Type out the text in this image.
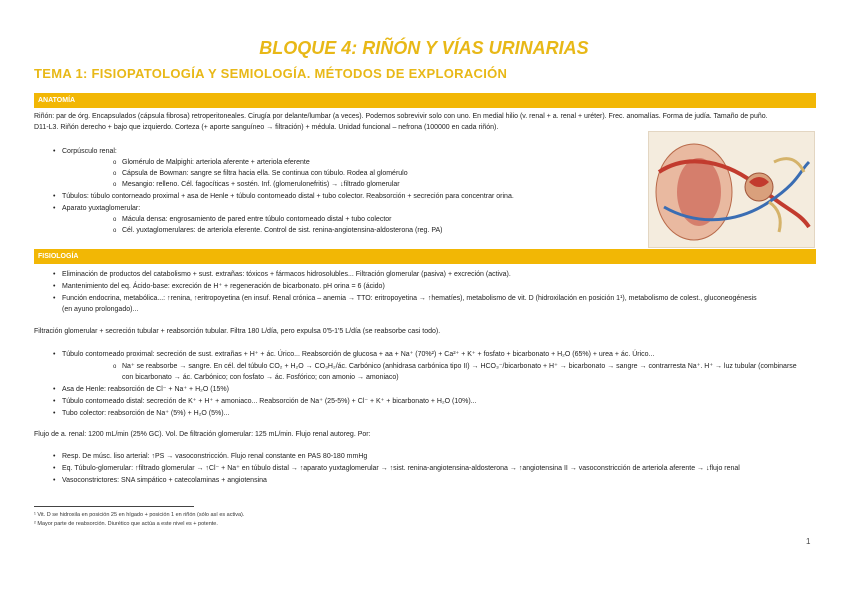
BLOQUE 4: RIÑÓN Y VÍAS URINARIAS
TEMA 1: FISIOPATOLOGÍA Y SEMIOLOGÍA. MÉTODOS DE EXPLORACIÓN
ANATOMÍA
Riñón: par de órg. Encapsulados (cápsula fibrosa) retroperitoneales. Cirugía por delante/lumbar (a veces). Podemos sobrevivir solo con uno. En medial hilio (v. renal + a. renal + uréter). Frec. anomalías. Forma de judía. Tamaño de puño.
D11-L3. Riñón derecho + bajo que izquierdo. Corteza (+ aporte sanguíneo → filtración) + médula. Unidad funcional – nefrona (100000 en cada riñón).
• Corpúsculo renal:
o Glomérulo de Malpighi: arteriola aferente + arteriola eferente
o Cápsula de Bowman: sangre se filtra hacia ella. Se continua con túbulo. Rodea al glomérulo
o Mesangio: relleno. Cél. fagocíticas + sostén. Inf. (glomerulonefritis) → ↓filtrado glomerular
• Túbulos: túbulo contorneado proximal + asa de Henle + túbulo contorneado distal + tubo colector. Reabsorción + secreción para concentrar orina.
• Aparato yuxtaglomerular:
o Mácula densa: engrosamiento de pared entre túbulo contorneado distal + tubo colector
o Cél. yuxtaglomerulares: de arteriola eferente. Control de sist. renina-angiotensina-aldosterona (reg. PA)
FISIOLOGÍA
• Eliminación de productos del catabolismo + sust. extrañas: tóxicos + fármacos hidrosolubles... Filtración glomerular (pasiva) + excreción (activa).
• Mantenimiento del eq. Ácido-base: excreción de H⁺ + regeneración de bicarbonato. pH orina = 6 (ácido)
• Función endocrina, metabólica...: ↑renina, ↑eritropoyetina (en insuf. Renal crónica – anemia → TTO: eritropoyetina → ↑hematíes), metabolismo de vit. D (hidroxilación en posición 1¹), metabolismo de colest., gluconeogénesis
(en ayuno prolongado)...
Filtración glomerular + secreción tubular + reabsorción tubular. Filtra 180 L/día, pero expulsa 0'5-1'5 L/día (se reabsorbe casi todo).
• Túbulo contorneado proximal: secreción de sust. extrañas + H⁺ + ác. Úrico... Reabsorción de glucosa + aa + Na⁺ (70%²) + Ca²⁺ + K⁺ + fosfato + bicarbonato + H₂O (65%) + urea + ác. Úrico...
o Na⁺ se reabsorbe → sangre. En cél. del túbulo CO₂ + H₂O → CO₃H₂/ác. Carbónico (anhidrasa carbónica tipo II) → HCO₃⁻/bicarbonato + H⁺ → bicarbonato → sangre → contrarresta Na⁺. H⁺ → luz tubular (combinarse
con bicarbonato → ác. Carbónico; con fosfato → ác. Fosfórico; con amonio → amoniaco)
• Asa de Henle: reabsorción de Cl⁻ + Na⁺ + H₂O (15%)
• Túbulo contorneado distal: secreción de K⁺ + H⁺ + amoniaco... Reabsorción de Na⁺ (25-5%) + Cl⁻ + K⁺ + bicarbonato + H₂O (10%)...
• Tubo colector: reabsorción de Na⁺ (5%) + H₂O (5%)...
Flujo de a. renal: 1200 mL/min (25% GC). Vol. De filtración glomerular: 125 mL/min. Flujo renal autoreg. Por:
• Resp. De músc. liso arterial: ↑PS → vasoconstricción. Flujo renal constante en PAS 80-180 mmHg
• Eq. Túbulo-glomerular: ↑filtrado glomerular → ↑Cl⁻ + Na⁺ en túbulo distal → ↑aparato yuxtaglomerular → ↑sist. renina-angiotensina-aldosterona → ↑angiotensina II → vasoconstricción de arteriola aferente → ↓flujo renal
• Vasoconstrictores: SNA simpático + catecolaminas + angiotensina
¹ Vit. D se hidroxila en posición 25 en hígado + posición 1 en riñón (sólo así es activa).
² Mayor parte de reabsorción. Diurético que actúa a este nivel es + potente.
1
